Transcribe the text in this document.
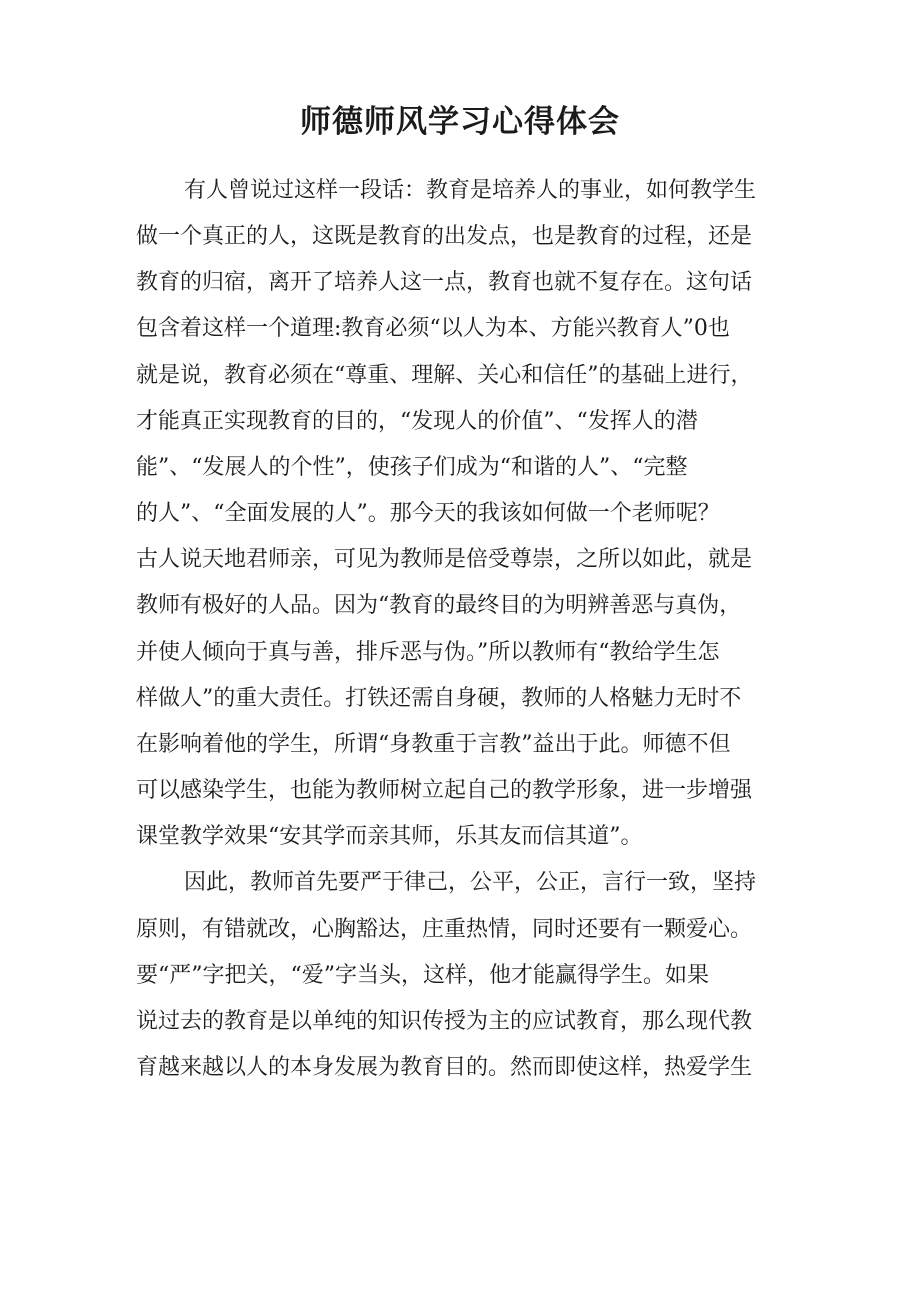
师德师风学习心得体会
有人曾说过这样一段话：教育是培养人的事业，如何教学生
做一个真正的人，这既是教育的出发点，也是教育的过程，还是
教育的归宿，离开了培养人这一点，教育也就不复存在。这句话
包含着这样一个道理:教育必须“以人为本、方能兴教育人”0也
就是说，教育必须在“尊重、理解、关心和信任”的基础上进行，
才能真正实现教育的目的，“发现人的价值”、“发挥人的潜
能”、“发展人的个性”，使孩子们成为“和谐的人”、“完整
的人”、“全面发展的人”。那今天的我该如何做一个老师呢？
古人说天地君师亲，可见为教师是倍受尊崇，之所以如此，就是
教师有极好的人品。因为“教育的最终目的为明辨善恶与真伪，
并使人倾向于真与善，排斥恶与伪。”所以教师有“教给学生怎
样做人”的重大责任。打铁还需自身硬，教师的人格魅力无时不
在影响着他的学生，所谓“身教重于言教”益出于此。师德不但
可以感染学生，也能为教师树立起自己的教学形象，进一步增强
课堂教学效果“安其学而亲其师，乐其友而信其道”。
因此，教师首先要严于律己，公平，公正，言行一致，坚持
原则，有错就改，心胸豁达，庄重热情，同时还要有一颗爱心。
要“严”字把关，“爱”字当头，这样，他才能赢得学生。如果
说过去的教育是以单纯的知识传授为主的应试教育，那么现代教
育越来越以人的本身发展为教育目的。然而即使这样，热爱学生
